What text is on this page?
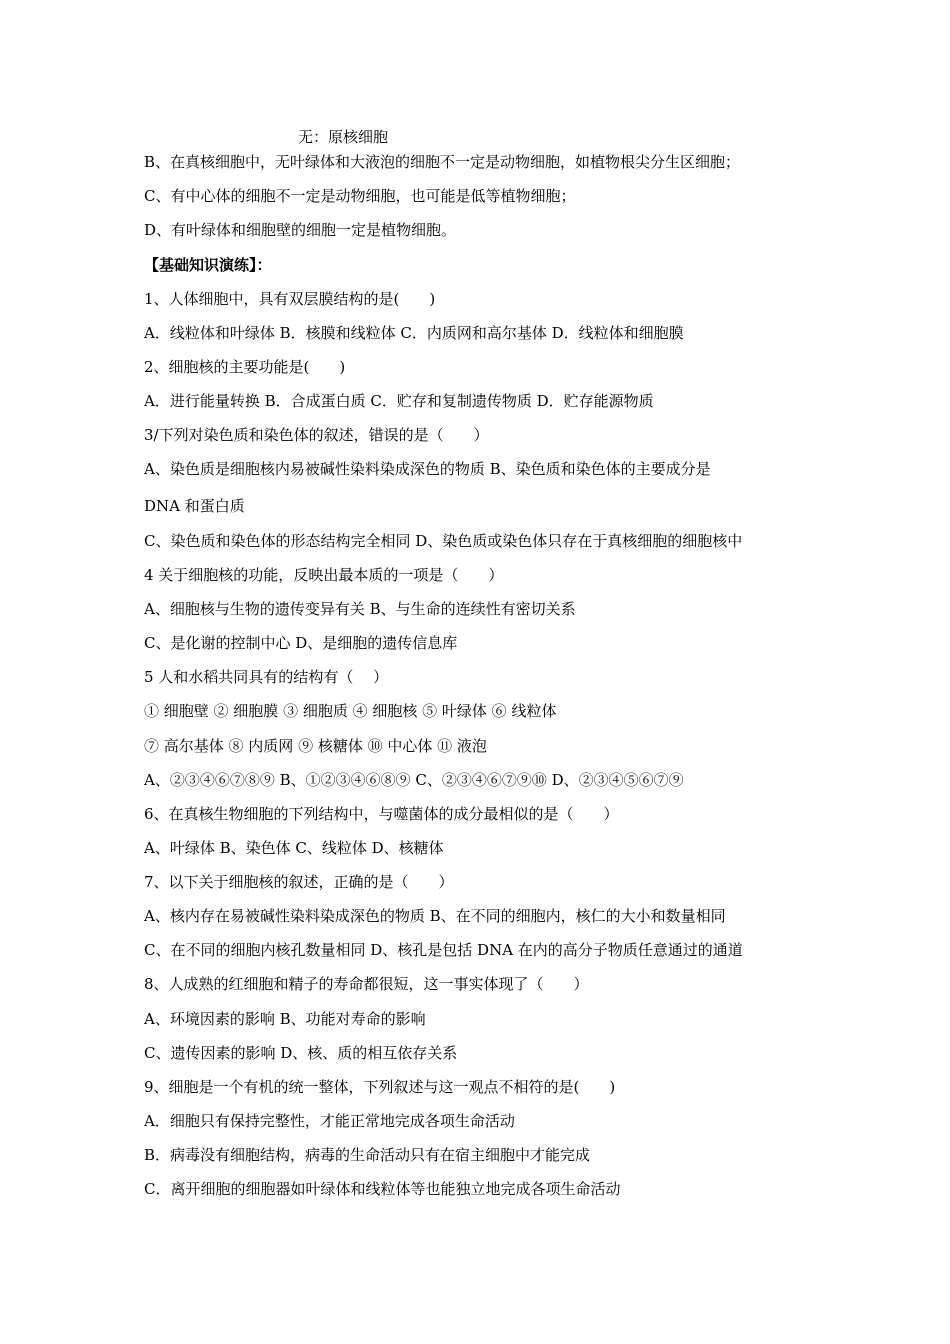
无：原核细胞
B、在真核细胞中，无叶绿体和大液泡的细胞不一定是动物细胞，如植物根尖分生区细胞；
C、有中心体的细胞不一定是动物细胞，也可能是低等植物细胞；
D、有叶绿体和细胞壁的细胞一定是植物细胞。
【基础知识演练】：
1、人体细胞中，具有双层膜结构的是(　　)
A．线粒体和叶绿体 B．核膜和线粒体 C．内质网和高尔基体 D．线粒体和细胞膜
2、细胞核的主要功能是(　　)
A．进行能量转换 B．合成蛋白质 C．贮存和复制遗传物质 D．贮存能源物质
3/下列对染色质和染色体的叙述，错误的是（　　）
A、染色质是细胞核内易被碱性染料染成深色的物质 B、染色质和染色体的主要成分是
DNA 和蛋白质
C、染色质和染色体的形态结构完全相同 D、染色质或染色体只存在于真核细胞的细胞核中
4 关于细胞核的功能，反映出最本质的一项是（　　）
A、细胞核与生物的遗传变异有关 B、与生命的连续性有密切关系
C、是化谢的控制中心 D、是细胞的遗传信息库
5 人和水稻共同具有的结构有（　 ）
① 细胞壁 ② 细胞膜 ③ 细胞质 ④ 细胞核 ⑤ 叶绿体 ⑥ 线粒体
⑦ 高尔基体 ⑧ 内质网 ⑨ 核糖体 ⑩ 中心体 ⑪ 液泡
A、②③④⑥⑦⑧⑨ B、①②③④⑥⑧⑨ C、②③④⑥⑦⑨⑩ D、②③④⑤⑥⑦⑨
6、在真核生物细胞的下列结构中，与噬菌体的成分最相似的是（　　）
A、叶绿体 B、染色体 C、线粒体 D、核糖体
7、以下关于细胞核的叙述，正确的是（　　）
A、核内存在易被碱性染料染成深色的物质 B、在不同的细胞内，核仁的大小和数量相同
C、在不同的细胞内核孔数量相同 D、核孔是包括 DNA 在内的高分子物质任意通过的通道
8、人成熟的红细胞和精子的寿命都很短，这一事实体现了（　　）
A、环境因素的影响 B、功能对寿命的影响
C、遗传因素的影响 D、核、质的相互依存关系
9、细胞是一个有机的统一整体，下列叙述与这一观点不相符的是(　　)
A．细胞只有保持完整性，才能正常地完成各项生命活动
B．病毒没有细胞结构，病毒的生命活动只有在宿主细胞中才能完成
C．离开细胞的细胞器如叶绿体和线粒体等也能独立地完成各项生命活动
